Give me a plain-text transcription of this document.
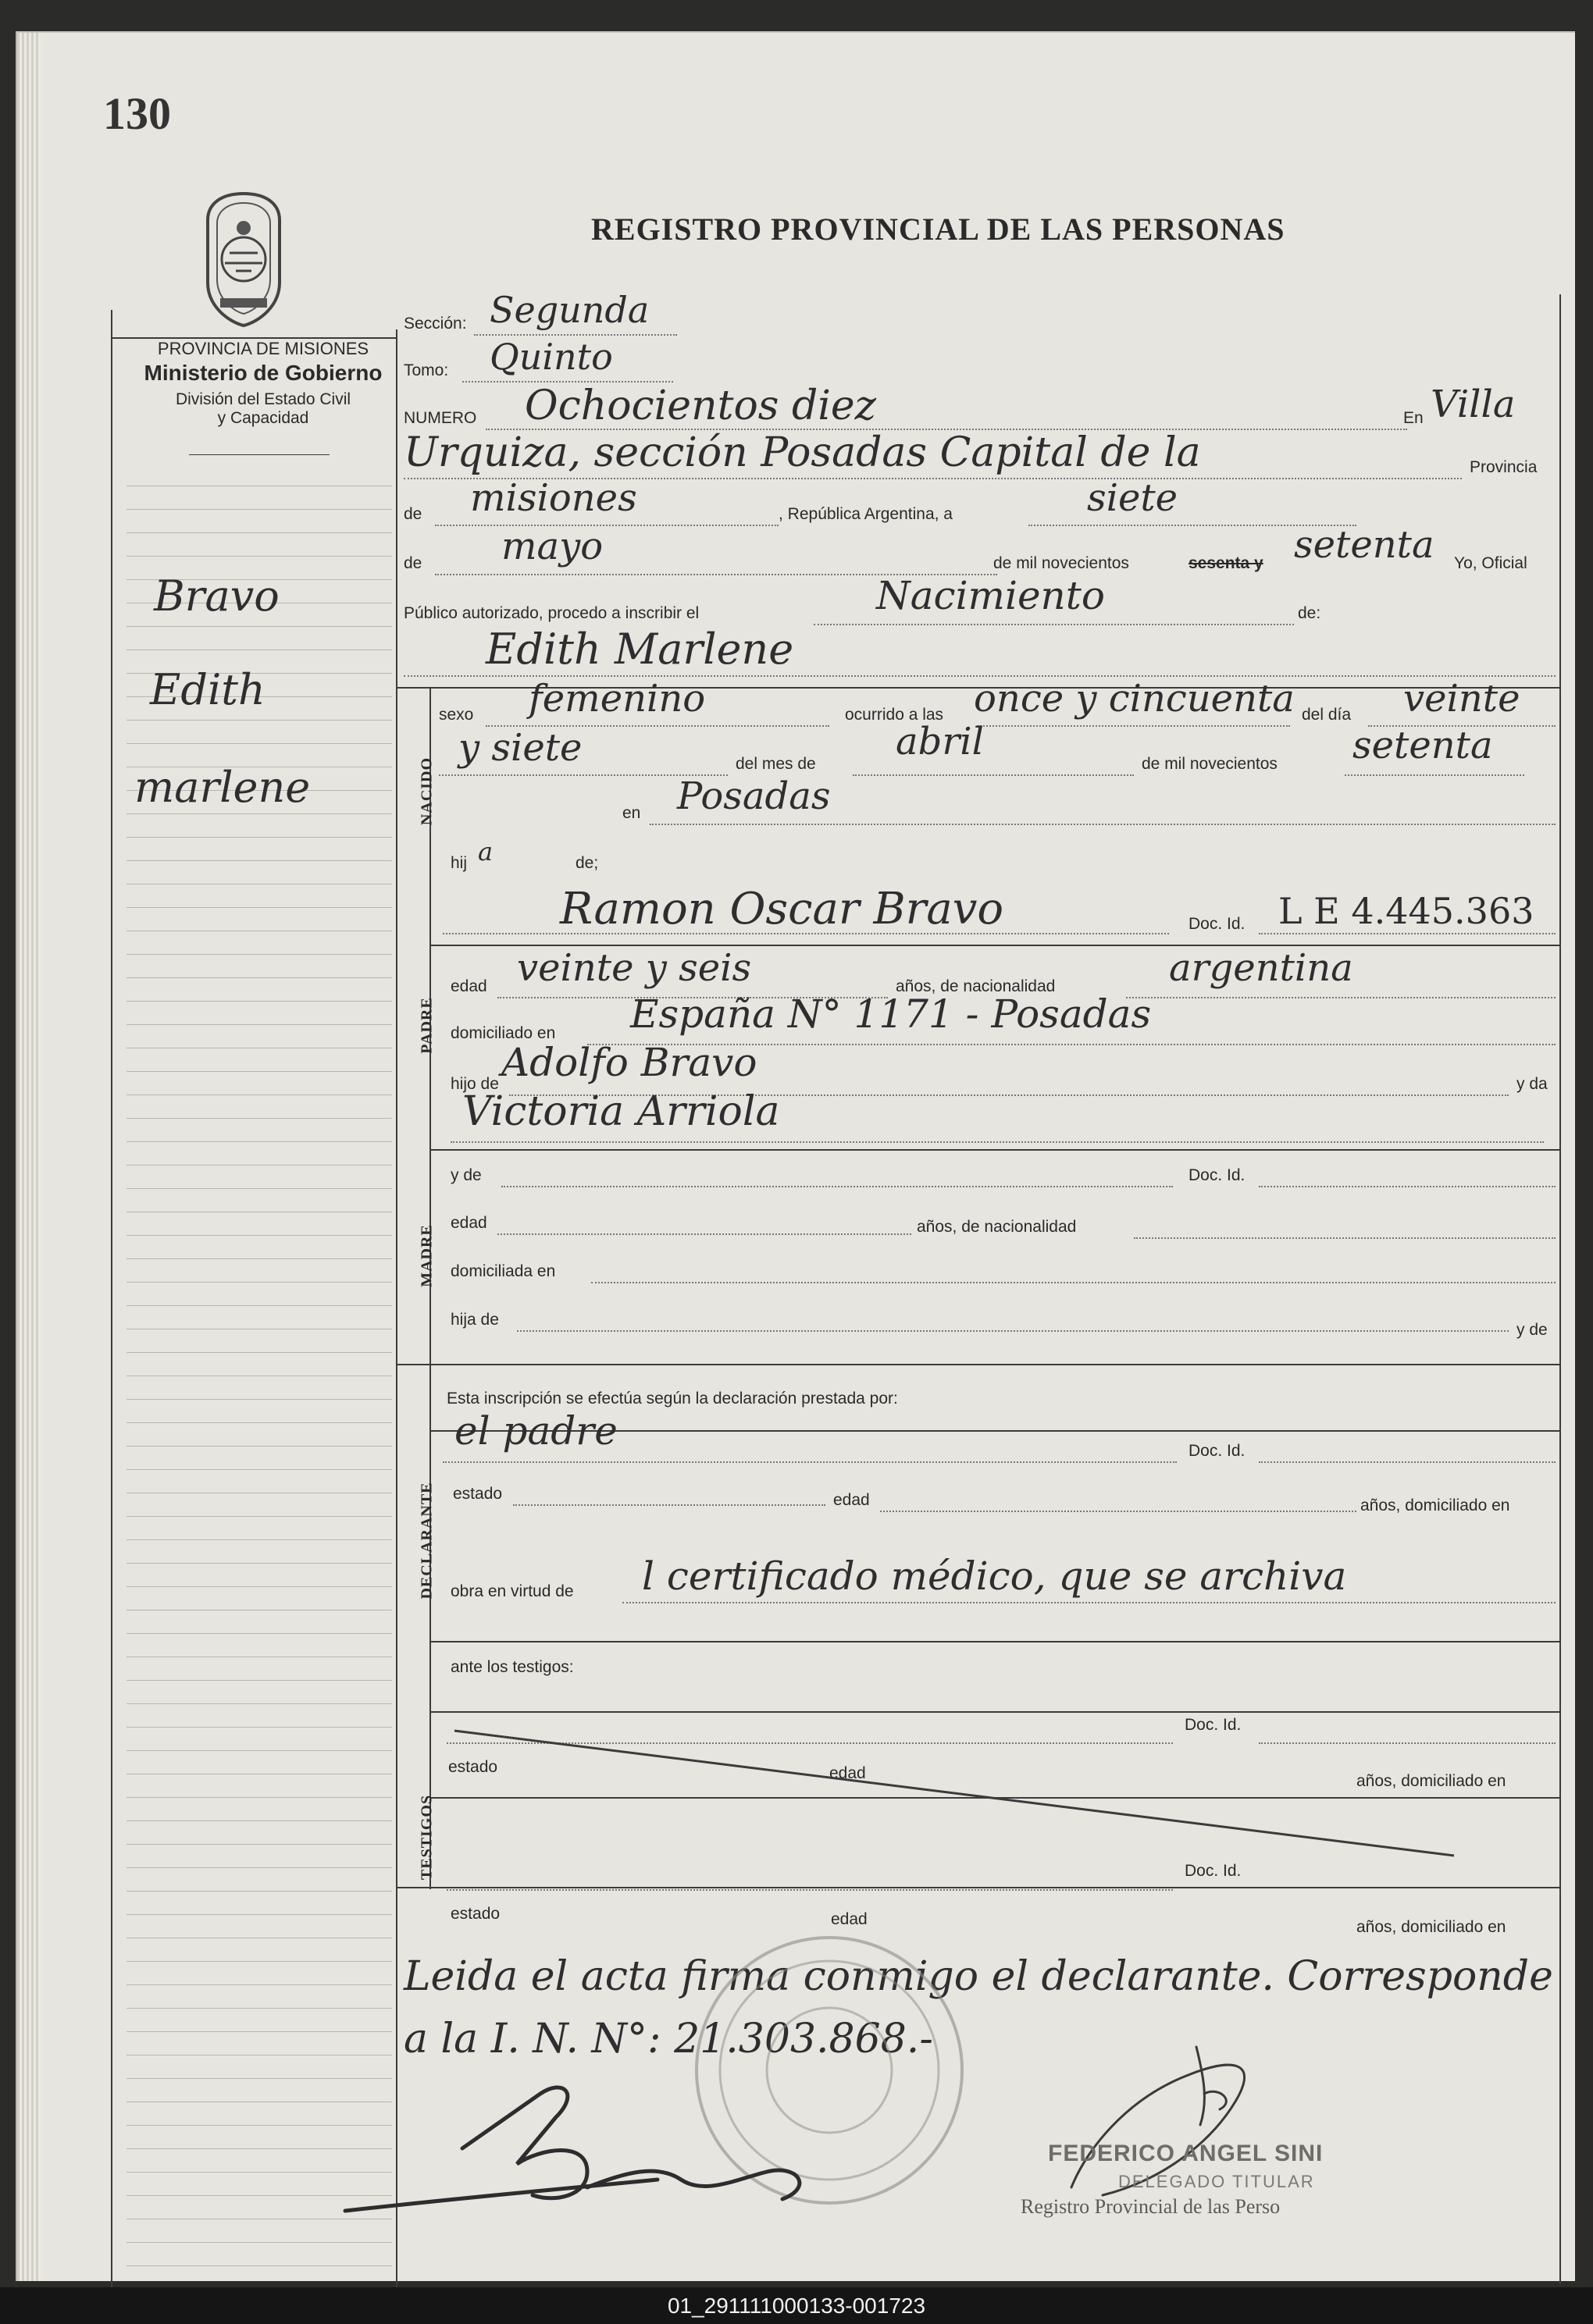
130
PROVINCIA DE MISIONES
Ministerio de Gobierno
División del Estado Civil
y Capacidad
REGISTRO PROVINCIAL DE LAS PERSONAS
Bravo
Edith
marlene	NACIDO
PADRE
MADRE
DECLARANTE
TESTIGOS
Sección: Segunda
Tomo: Quinto
NUMERO Ochocientos diez	En Villa
Urquiza, sección Posadas Capital de la	Provincia
de misiones	, República Argentina, a	siete
de mayo	de mil novecientos	sesenta y setenta Yo, Oficial
Público autorizado, procedo a inscribir el	Nacimiento	de:
Edith Marlene
sexo femenino	ocurrido a las once y cincuenta del día veinte
y siete	del mes de
abril
de mil novecientos setenta
en Posadas
hij a	de;
Ramon Oscar Bravo	Doc. Id. L E 4.445.363
edad veinte y seis	años, de nacionalidad	argentina
domiciliado en España N° 1171 - Posadas
hijo de Adolfo Bravo	y da
Victoria Arriola
y de	Doc. Id.
edad	años, de nacionalidad
domiciliada en
hija de
y de
Esta inscripción se efectúa según la declaración prestada por:
el padre	Doc. Id.
estado	edad	años, domiciliado en
obra en virtud de l certificado médico, que se archiva
ante los testigos:
Doc. Id.
estado	edad	años, domiciliado en
Doc. Id.
estado	edad	años, domiciliado en
Leida el acta firma conmigo el declarante. Corresponde
a la I. N. N°: 21.303.868.-
FEDERICO ANGEL SINI
DELEGADO TITULAR
Registro Provincial de las Perso
01_291111000133-001723
